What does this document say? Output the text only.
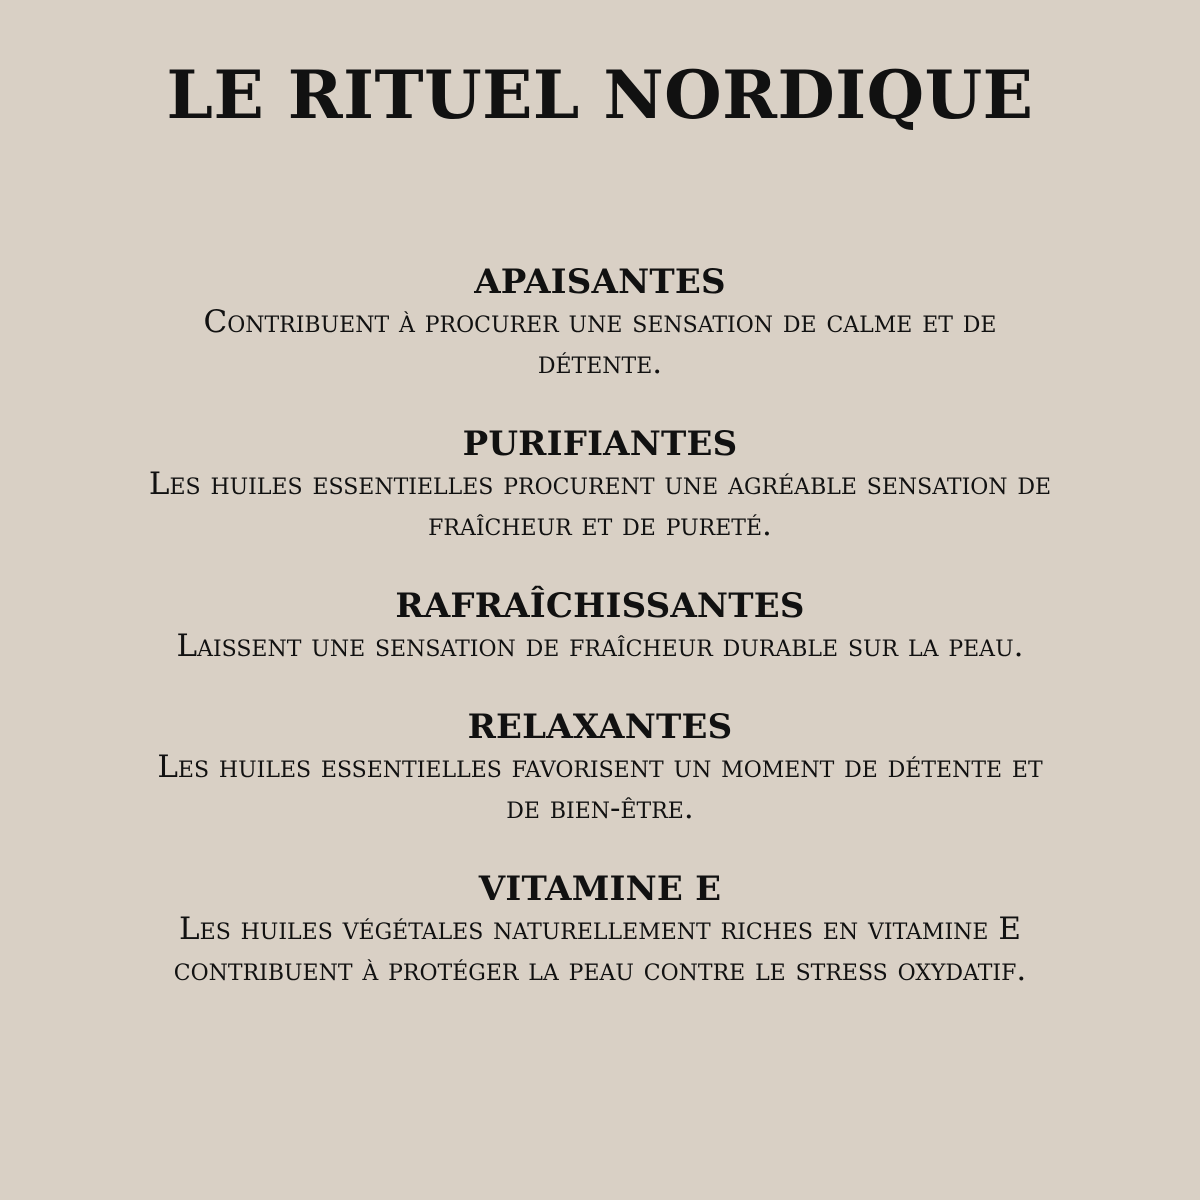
LE RITUEL NORDIQUE
APAISANTES

Contribuent à procurer une sensation de calme et de détente.

PURIFIANTES

Les huiles essentielles procurent une agréable sensation de fraîcheur et de pureté.

RAFRAÎCHISSANTES

Laissent une sensation de fraîcheur durable sur la peau.

RELAXANTES

Les huiles essentielles favorisent un moment de détente et de bien-être.

VITAMINE E

Les huiles végétales naturellement riches en vitamine E contribuent à protéger la peau contre le stress oxydatif.
